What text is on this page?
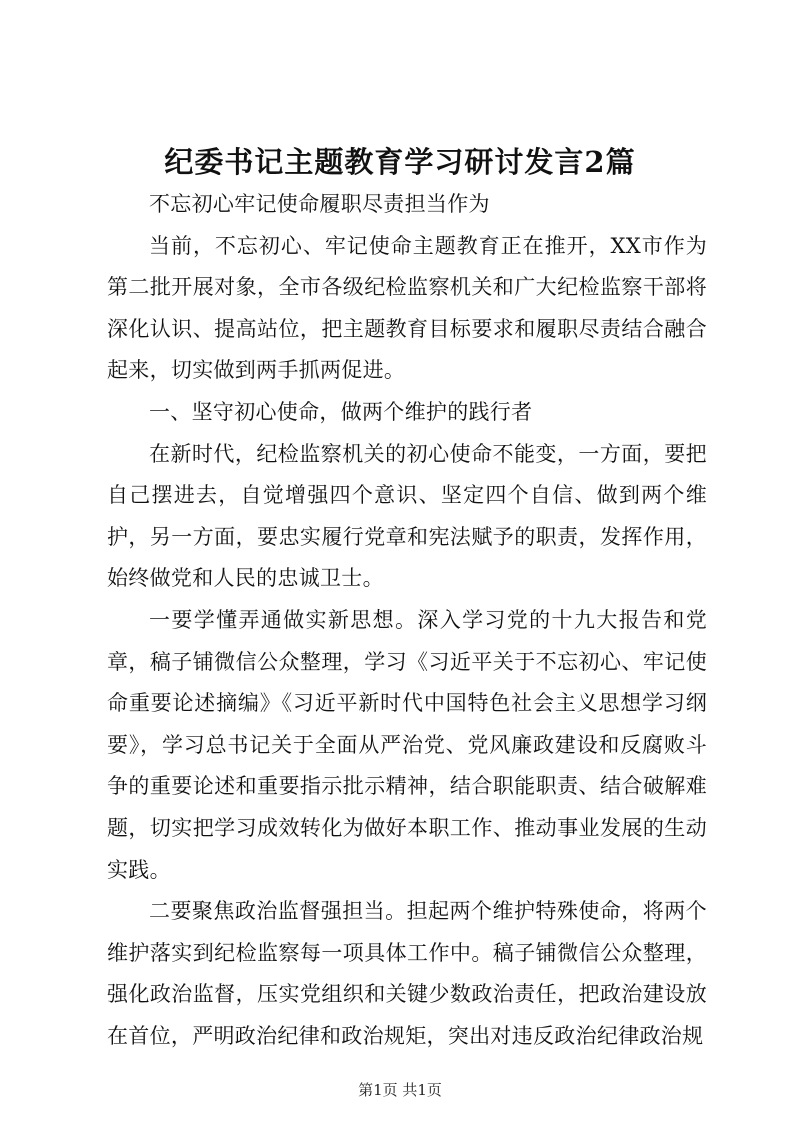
纪委书记主题教育学习研讨发言2篇

不忘初心牢记使命履职尽责担当作为

当前，不忘初心、牢记使命主题教育正在推开，XX市作为第二批开展对象，全市各级纪检监察机关和广大纪检监察干部将深化认识、提高站位，把主题教育目标要求和履职尽责结合融合起来，切实做到两手抓两促进。

一、坚守初心使命，做两个维护的践行者

在新时代，纪检监察机关的初心使命不能变，一方面，要把自己摆进去，自觉增强四个意识、坚定四个自信、做到两个维护，另一方面，要忠实履行党章和宪法赋予的职责，发挥作用，始终做党和人民的忠诚卫士。

一要学懂弄通做实新思想。深入学习党的十九大报告和党章，稿子铺微信公众整理，学习《习近平关于不忘初心、牢记使命重要论述摘编》《习近平新时代中国特色社会主义思想学习纲要》，学习总书记关于全面从严治党、党风廉政建设和反腐败斗争的重要论述和重要指示批示精神，结合职能职责、结合破解难题，切实把学习成效转化为做好本职工作、推动事业发展的生动实践。

二要聚焦政治监督强担当。担起两个维护特殊使命，将两个维护落实到纪检监察每一项具体工作中。稿子铺微信公众整理，强化政治监督，压实党组织和关键少数政治责任，把政治建设放在首位，严明政治纪律和政治规矩，突出对违反政治纪律政治规

第1页 共1页
